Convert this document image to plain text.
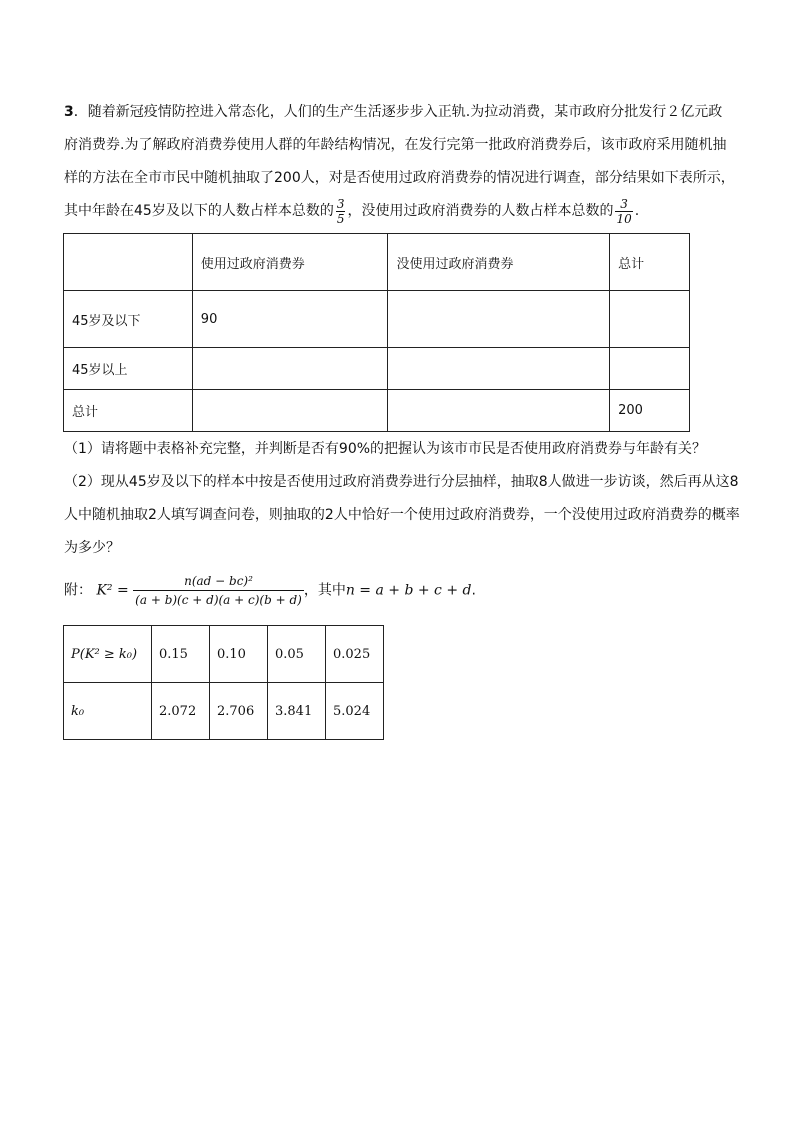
3．随着新冠疫情防控进入常态化，人们的生产生活逐步步入正轨.为拉动消费，某市政府分批发行２亿元政府消费券.为了解政府消费券使用人群的年龄结构情况，在发行完第一批政府消费券后，该市政府采用随机抽样的方法在全市市民中随机抽取了200人，对是否使用过政府消费券的情况进行调查，部分结果如下表所示，其中年龄在45岁及以下的人数占样本总数的 $\frac{3}{5}$ ，没使用过政府消费券的人数占样本总数的 $\frac{3}{10}$ .
	使用过政府消费券	没使用过政府消费券	总计
45岁及以下	90		
45岁以上			
总计			200
（1）请将题中表格补充完整，并判断是否有90%的把握认为该市市民是否使用政府消费券与年龄有关？
（2）现从45岁及以下的样本中按是否使用过政府消费券进行分层抽样，抽取8人做进一步访谈，然后再从这8人中随机抽取2人填写调查问卷，则抽取的2人中恰好一个使用过政府消费券，一个没使用过政府消费券的概率为多少？
附： $K^2 = \frac{\text{n(ad − bc)²}}{(a + b)(c + d)(a + c)(b + d)}$ ，其中n = a + b + c + d.
P(K² ≥ k₀)	0.15	0.10	0.05	0.025
k₀	2.072	2.706	3.841	5.024
